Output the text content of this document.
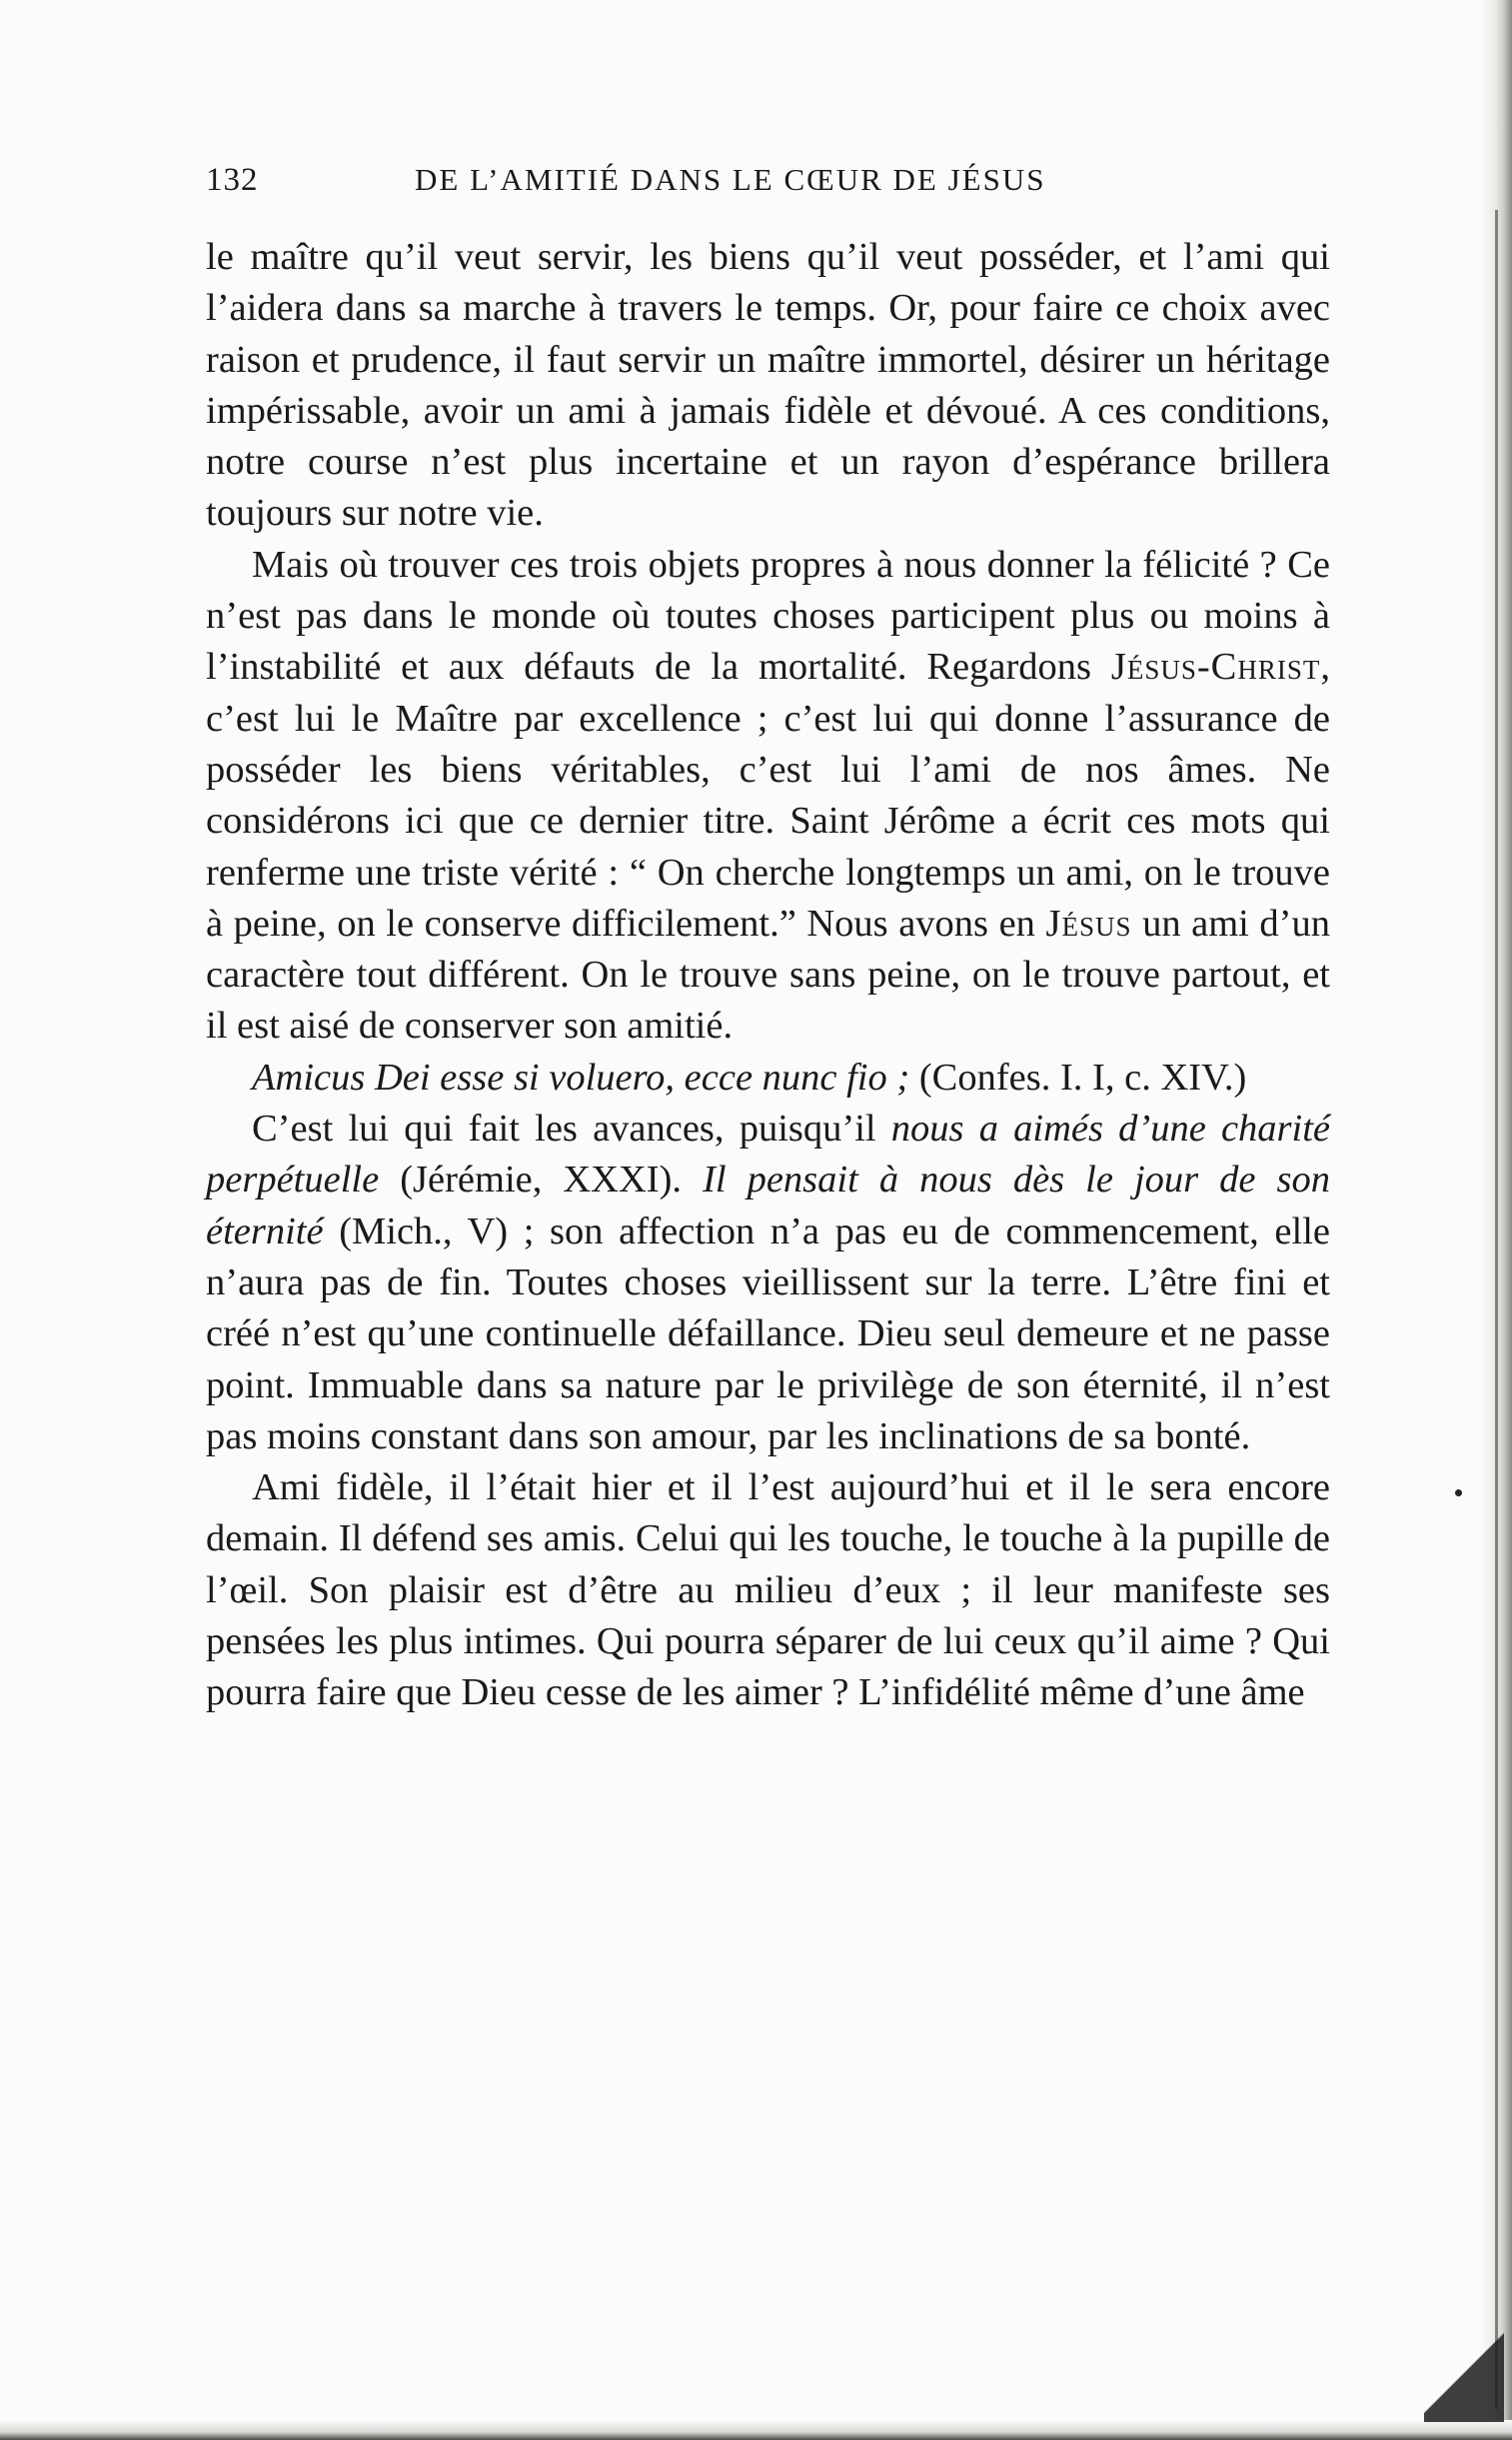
132	DE L’AMITIÉ DANS LE CŒUR DE JÉSUS

le maître qu’il veut servir, les biens qu’il veut posséder, et l’ami qui l’aidera dans sa marche à travers le temps. Or, pour faire ce choix avec raison et prudence, il faut servir un maître immortel, désirer un héritage impérissable, avoir un ami à jamais fidèle et dévoué. A ces conditions, notre course n’est plus incertaine et un rayon d’espérance brillera toujours sur notre vie.

Mais où trouver ces trois objets propres à nous donner la félicité ? Ce n’est pas dans le monde où toutes choses participent plus ou moins à l’instabilité et aux défauts de la mortalité. Regardons Jésus-Christ, c’est lui le Maître par excellence ; c’est lui qui donne l’assurance de posséder les biens véritables, c’est lui l’ami de nos âmes. Ne considérons ici que ce dernier titre. Saint Jérôme a écrit ces mots qui renferme une triste vérité : “ On cherche longtemps un ami, on le trouve à peine, on le conserve difficilement.” Nous avons en Jésus un ami d’un caractère tout différent. On le trouve sans peine, on le trouve partout, et il est aisé de conserver son amitié.

Amicus Dei esse si voluero, ecce nunc fio ; (Confes. I. I, c. XIV.)

C’est lui qui fait les avances, puisqu’il nous a aimés d’une charité perpétuelle (Jérémie, XXXI). Il pensait à nous dès le jour de son éternité (Mich., V) ; son affection n’a pas eu de commencement, elle n’aura pas de fin. Toutes choses vieillissent sur la terre. L’être fini et créé n’est qu’une continuelle défaillance. Dieu seul demeure et ne passe point. Immuable dans sa nature par le privilège de son éternité, il n’est pas moins constant dans son amour, par les inclinations de sa bonté.

Ami fidèle, il l’était hier et il l’est aujourd’hui et il le sera encore demain. Il défend ses amis. Celui qui les touche, le touche à la pupille de l’œil. Son plaisir est d’être au milieu d’eux ; il leur manifeste ses pensées les plus intimes. Qui pourra séparer de lui ceux qu’il aime ? Qui pourra faire que Dieu cesse de les aimer ? L’infidélité même d’une âme
